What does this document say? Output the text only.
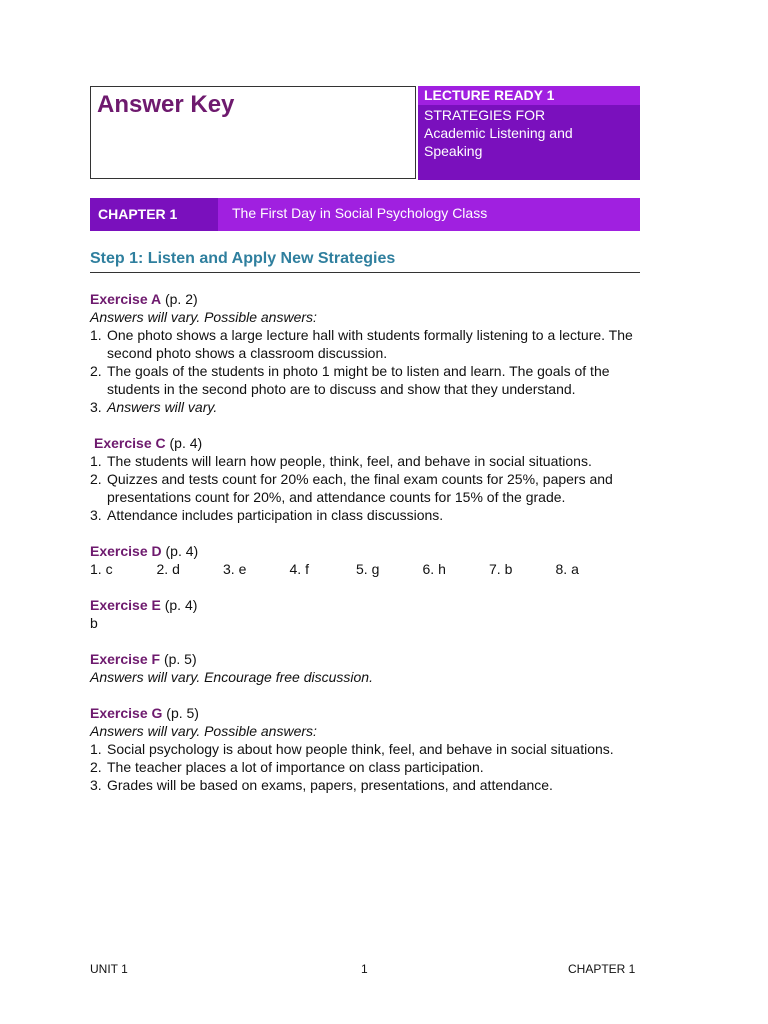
Answer Key	LECTURE READY 1
STRATEGIES FOR
Academic Listening and
Speaking
CHAPTER 1	The First Day in Social Psychology Class
Step 1: Listen and Apply New Strategies
Exercise A (p. 2)
Answers will vary. Possible answers:
1. One photo shows a large lecture hall with students formally listening to a lecture. The second photo shows a classroom discussion.
2. The goals of the students in photo 1 might be to listen and learn. The goals of the students in the second photo are to discuss and show that they understand.
3. Answers will vary.
Exercise C (p. 4)
1. The students will learn how people, think, feel, and behave in social situations.
2. Quizzes and tests count for 20% each, the final exam counts for 25%, papers and presentations count for 20%, and attendance counts for 15% of the grade.
3. Attendance includes participation in class discussions.
Exercise D (p. 4)
1. c	2. d	3. e	4. f	5. g	6. h	7. b	8. a
Exercise E (p. 4)
b
Exercise F (p. 5)
Answers will vary. Encourage free discussion.
Exercise G (p. 5)
Answers will vary. Possible answers:
1. Social psychology is about how people think, feel, and behave in social situations.
2. The teacher places a lot of importance on class participation.
3. Grades will be based on exams, papers, presentations, and attendance.
UNIT 1	1	CHAPTER 1
